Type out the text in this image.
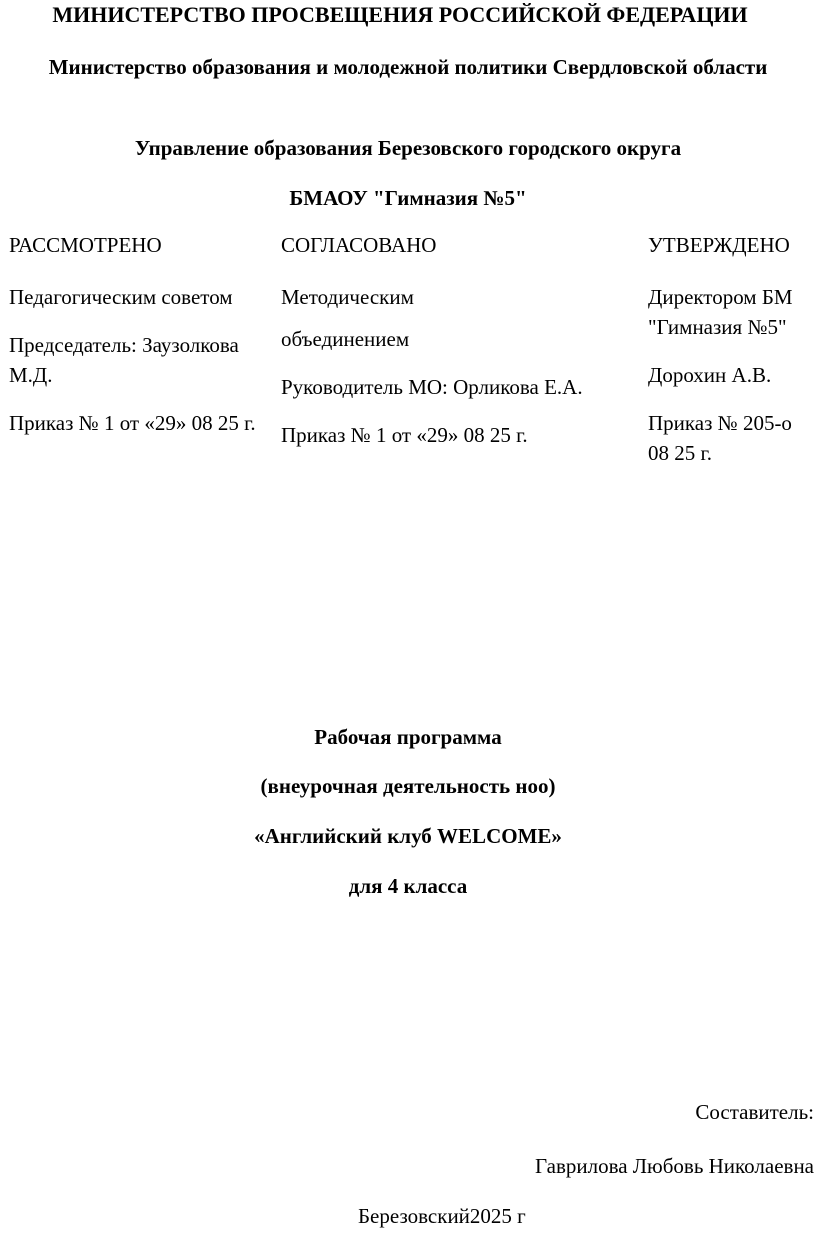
МИНИСТЕРСТВО ПРОСВЕЩЕНИЯ РОССИЙСКОЙ ФЕДЕРАЦИИ
Министерство образования и молодежной политики Свердловской области
Управление образования Березовского городского округа
БМАОУ "Гимназия №5"
РАССМОТРЕНО

Педагогическим советом

Председатель: Заузолкова М.Д.

Приказ № 1 от «29» 08 25 г.

СОГЛАСОВАНО

Методическим

объединением

Руководитель МО: Орликова Е.А.

Приказ № 1 от «29» 08 25 г.

УТВЕРЖДЕНО

Директором БМ

"Гимназия №5"

Дорохин А.В.

Приказ № 205-о

08 25 г.

Рабочая программа
(внеурочная деятельность ноо)
«Английский клуб WELCOME»
для 4 класса
Составитель:
Гаврилова Любовь Николаевна
Березовский2025 г
